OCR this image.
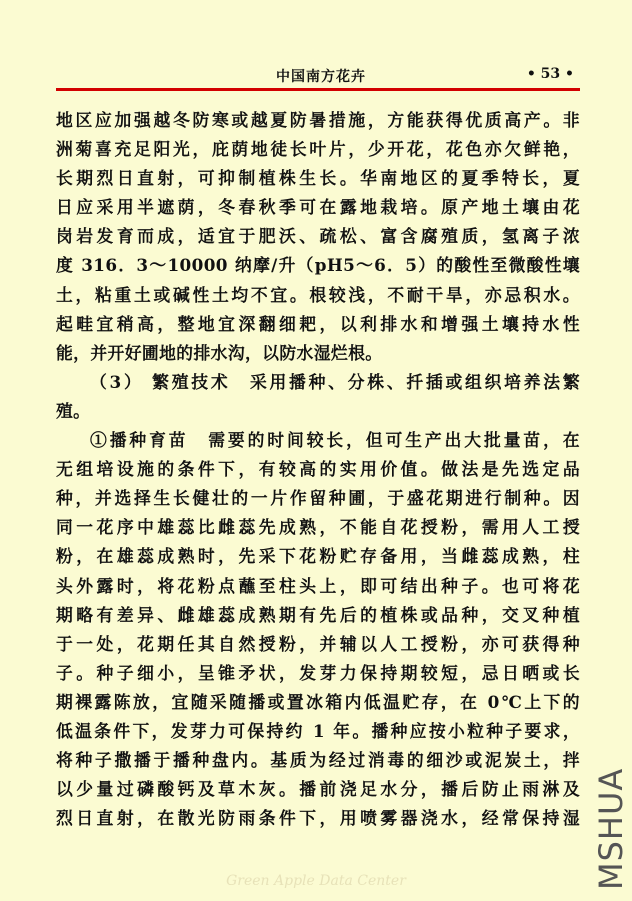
中国南方花卉	• 53 •
地区应加强越冬防寒或越夏防暑措施，方能获得优质高产。非
洲菊喜充足阳光，庇荫地徒长叶片，少开花，花色亦欠鲜艳，
长期烈日直射，可抑制植株生长。华南地区的夏季特长，夏
日应采用半遮荫，冬春秋季可在露地栽培。原产地土壤由花
岗岩发育而成，适宜于肥沃、疏松、富含腐殖质，氢离子浓
度 316．3～10000 纳摩/升（pH5～6．5）的酸性至微酸性壤
土，粘重土或碱性土均不宜。根较浅，不耐干旱，亦忌积水。
起畦宜稍高，整地宜深翻细耙，以利排水和增强土壤持水性
能，并开好圃地的排水沟，以防水湿烂根。
（3） 繁殖技术　采用播种、分株、扦插或组织培养法繁
殖。
①播种育苗　需要的时间较长，但可生产出大批量苗，在
无组培设施的条件下，有较高的实用价值。做法是先选定品
种，并选择生长健壮的一片作留种圃，于盛花期进行制种。因
同一花序中雄蕊比雌蕊先成熟，不能自花授粉，需用人工授
粉，在雄蕊成熟时，先采下花粉贮存备用，当雌蕊成熟，柱
头外露时，将花粉点蘸至柱头上，即可结出种子。也可将花
期略有差异、雌雄蕊成熟期有先后的植株或品种，交叉种植
于一处，花期任其自然授粉，并辅以人工授粉，亦可获得种
子。种子细小，呈锥矛状，发芽力保持期较短，忌日晒或长
期裸露陈放，宜随采随播或置冰箱内低温贮存，在 0℃上下的
低温条件下，发芽力可保持约 1 年。播种应按小粒种子要求，
将种子撒播于播种盘内。基质为经过消毒的细沙或泥炭土，拌
以少量过磷酸钙及草木灰。播前浇足水分，播后防止雨淋及
烈日直射，在散光防雨条件下，用喷雾器浇水，经常保持湿
Green Apple Data Center	MSHUA
